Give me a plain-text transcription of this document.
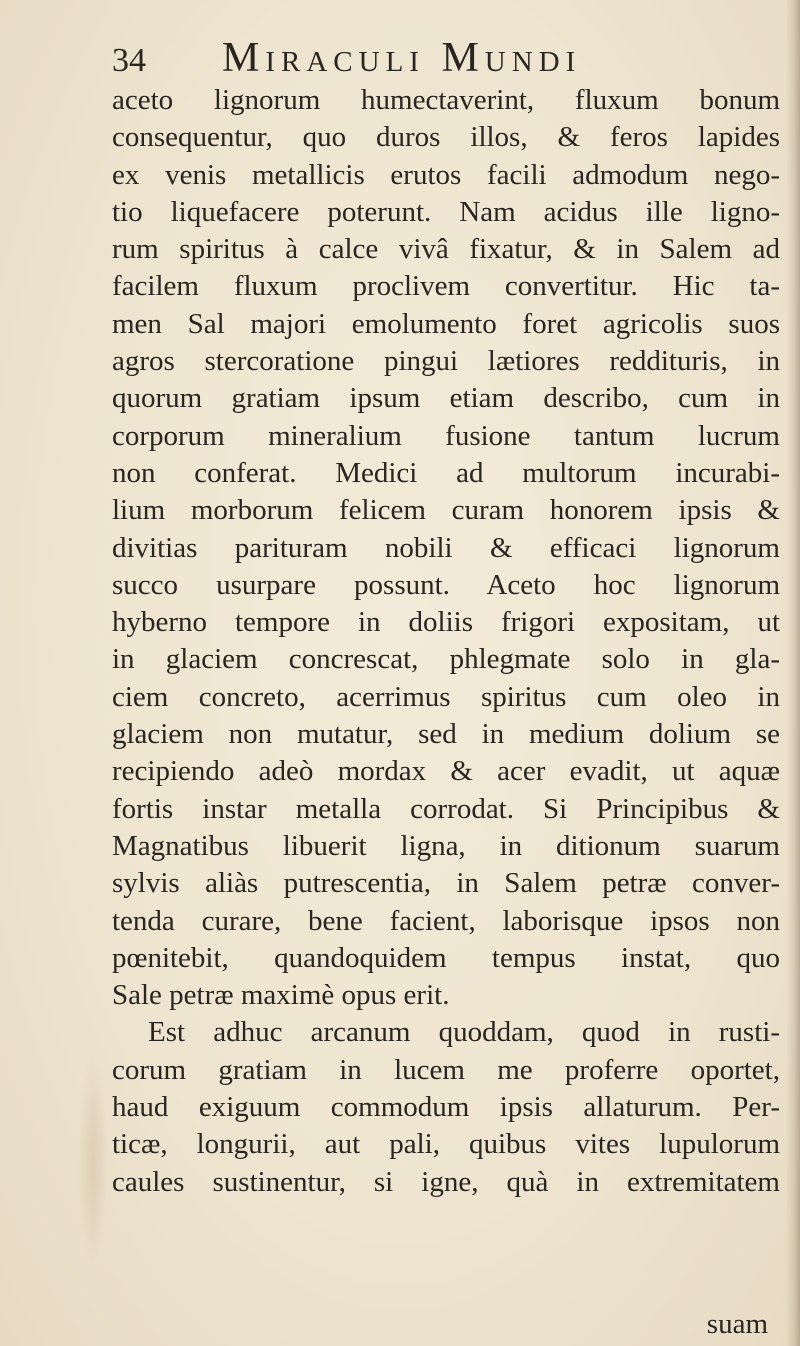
34 Miraculi Mundi
aceto lignorum humectaverint, fluxum bonum
consequentur, quo duros illos, & feros lapides
ex venis metallicis erutos facili admodum nego-
tio liquefacere poterunt. Nam acidus ille ligno-
rum spiritus à calce vivâ fixatur, & in Salem ad
facilem fluxum proclivem convertitur. Hic ta-
men Sal majori emolumento foret agricolis suos
agros stercoratione pingui lætiores reddituris, in
quorum gratiam ipsum etiam describo, cum in
corporum mineralium fusione tantum lucrum
non conferat. Medici ad multorum incurabi-
lium morborum felicem curam honorem ipsis &
divitias parituram nobili & efficaci lignorum
succo usurpare possunt. Aceto hoc lignorum
hyberno tempore in doliis frigori expositam, ut
in glaciem concrescat, phlegmate solo in gla-
ciem concreto, acerrimus spiritus cum oleo in
glaciem non mutatur, sed in medium dolium se
recipiendo adeò mordax & acer evadit, ut aquæ
fortis instar metalla corrodat. Si Principibus &
Magnatibus libuerit ligna, in ditionum suarum
sylvis aliàs putrescentia, in Salem petræ conver-
tenda curare, bene facient, laborisque ipsos non
pœnitebit, quandoquidem tempus instat, quo
Sale petræ maximè opus erit.
Est adhuc arcanum quoddam, quod in rusti-
corum gratiam in lucem me proferre oportet,
haud exiguum commodum ipsis allaturum. Per-
ticæ, longurii, aut pali, quibus vites lupulorum
caules sustinentur, si igne, quà in extremitatem
suam
